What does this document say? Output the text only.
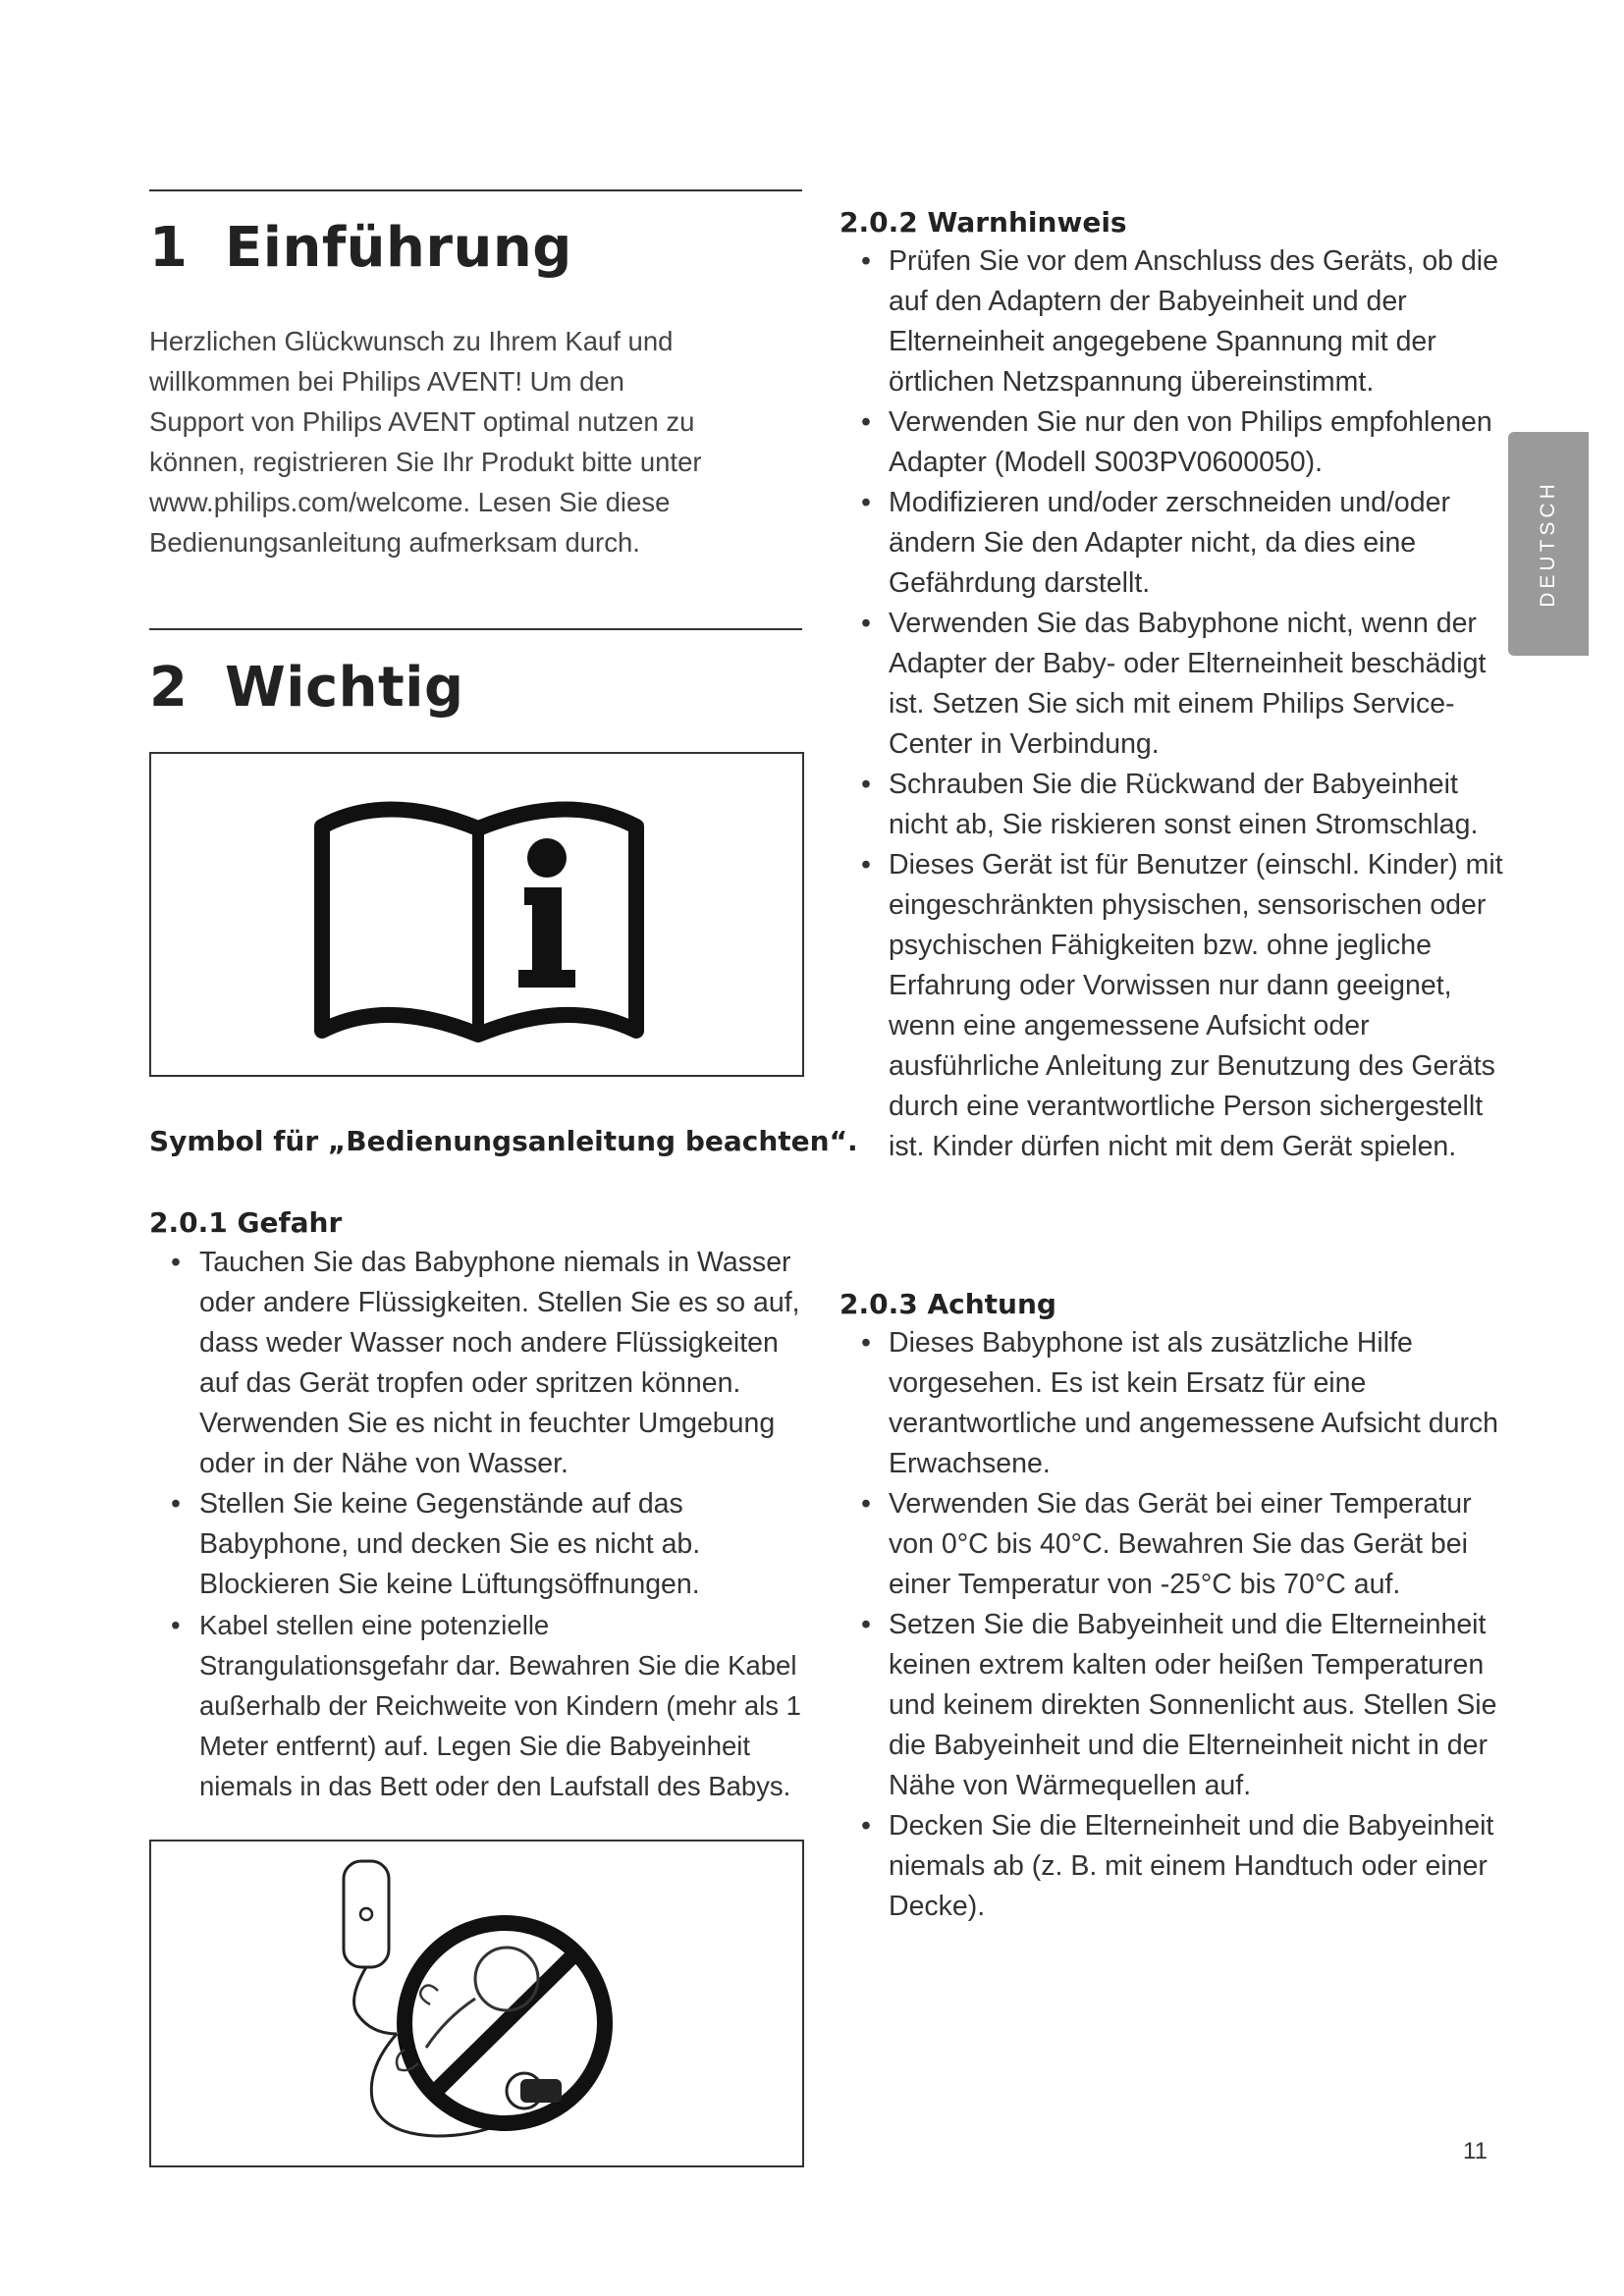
1 Einführung
Herzlichen Glückwunsch zu Ihrem Kauf und
willkommen bei Philips AVENT! Um den
Support von Philips AVENT optimal nutzen zu
können, registrieren Sie Ihr Produkt bitte unter
www.philips.com/welcome. Lesen Sie diese
Bedienungsanleitung aufmerksam durch.
2 Wichtig
Symbol für „Bedienungsanleitung beachten“.
2.0.1 Gefahr
• Tauchen Sie das Babyphone niemals in Wasser oder andere Flüssigkeiten. Stellen Sie es so auf, dass weder Wasser noch andere Flüssigkeiten auf das Gerät tropfen oder spritzen können. Verwenden Sie es nicht in feuchter Umgebung oder in der Nähe von Wasser.
• Stellen Sie keine Gegenstände auf das Babyphone, und decken Sie es nicht ab. Blockieren Sie keine Lüftungsöffnungen.
• Kabel stellen eine potenzielle Strangulationsgefahr dar. Bewahren Sie die Kabel außerhalb der Reichweite von Kindern (mehr als 1 Meter entfernt) auf. Legen Sie die Babyeinheit niemals in das Bett oder den Laufstall des Babys.
2.0.2 Warnhinweis
• Prüfen Sie vor dem Anschluss des Geräts, ob die auf den Adaptern der Babyeinheit und der Elterneinheit angegebene Spannung mit der örtlichen Netzspannung übereinstimmt.
• Verwenden Sie nur den von Philips empfohlenen Adapter (Modell S003PV0600050).
• Modifizieren und/oder zerschneiden und/oder ändern Sie den Adapter nicht, da dies eine Gefährdung darstellt.
• Verwenden Sie das Babyphone nicht, wenn der Adapter der Baby- oder Elterneinheit beschädigt ist. Setzen Sie sich mit einem Philips Service-Center in Verbindung.
• Schrauben Sie die Rückwand der Babyeinheit nicht ab, Sie riskieren sonst einen Stromschlag.
• Dieses Gerät ist für Benutzer (einschl. Kinder) mit eingeschränkten physischen, sensorischen oder psychischen Fähigkeiten bzw. ohne jegliche Erfahrung oder Vorwissen nur dann geeignet, wenn eine angemessene Aufsicht oder ausführliche Anleitung zur Benutzung des Geräts durch eine verantwortliche Person sichergestellt ist. Kinder dürfen nicht mit dem Gerät spielen.
2.0.3 Achtung
• Dieses Babyphone ist als zusätzliche Hilfe vorgesehen. Es ist kein Ersatz für eine verantwortliche und angemessene Aufsicht durch Erwachsene.
• Verwenden Sie das Gerät bei einer Temperatur von 0°C bis 40°C. Bewahren Sie das Gerät bei einer Temperatur von -25°C bis 70°C auf.
• Setzen Sie die Babyeinheit und die Elterneinheit keinen extrem kalten oder heißen Temperaturen und keinem direkten Sonnenlicht aus. Stellen Sie die Babyeinheit und die Elterneinheit nicht in der Nähe von Wärmequellen auf.
• Decken Sie die Elterneinheit und die Babyeinheit niemals ab (z. B. mit einem Handtuch oder einer Decke).
DEUTSCH
11
